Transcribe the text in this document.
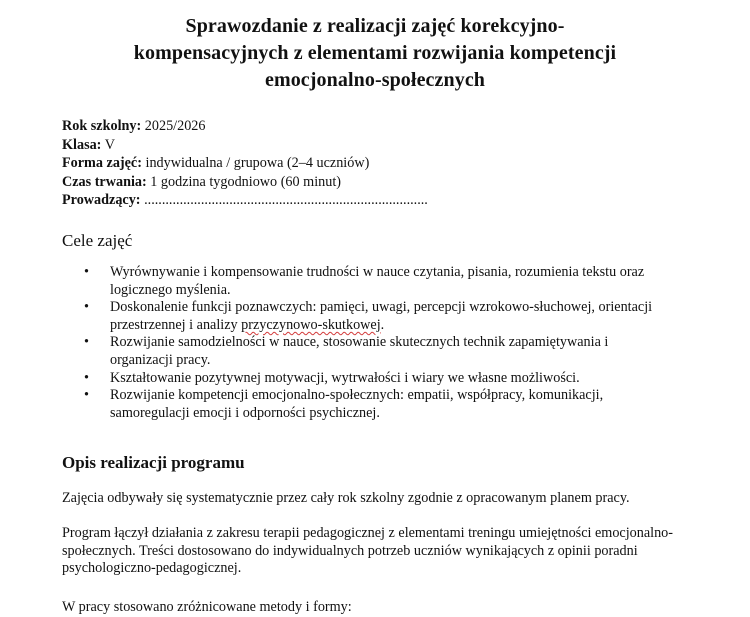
Sprawozdanie z realizacji zajęć korekcyjno-
kompensacyjnych z elementami rozwijania kompetencji
emocjonalno-społecznych
Rok szkolny: 2025/2026
Klasa: V
Forma zajęć: indywidualna / grupowa (2–4 uczniów)
Czas trwania: 1 godzina tygodniowo (60 minut)
Prowadzący: ................................................................................
Cele zajęć
• Wyrównywanie i kompensowanie trudności w nauce czytania, pisania, rozumienia tekstu oraz logicznego myślenia.
• Doskonalenie funkcji poznawczych: pamięci, uwagi, percepcji wzrokowo-słuchowej, orientacji przestrzennej i analizy przyczynowo-skutkowej.
• Rozwijanie samodzielności w nauce, stosowanie skutecznych technik zapamiętywania i organizacji pracy.
• Kształtowanie pozytywnej motywacji, wytrwałości i wiary we własne możliwości.
• Rozwijanie kompetencji emocjonalno-społecznych: empatii, współpracy, komunikacji, samoregulacji emocji i odporności psychicznej.
Opis realizacji programu

Zajęcia odbywały się systematycznie przez cały rok szkolny zgodnie z opracowanym planem pracy.

Program łączył działania z zakresu terapii pedagogicznej z elementami treningu umiejętności emocjonalno-społecznych. Treści dostosowano do indywidualnych potrzeb uczniów wynikających z opinii poradni psychologiczno-pedagogicznej.

W pracy stosowano zróżnicowane metody i formy:
